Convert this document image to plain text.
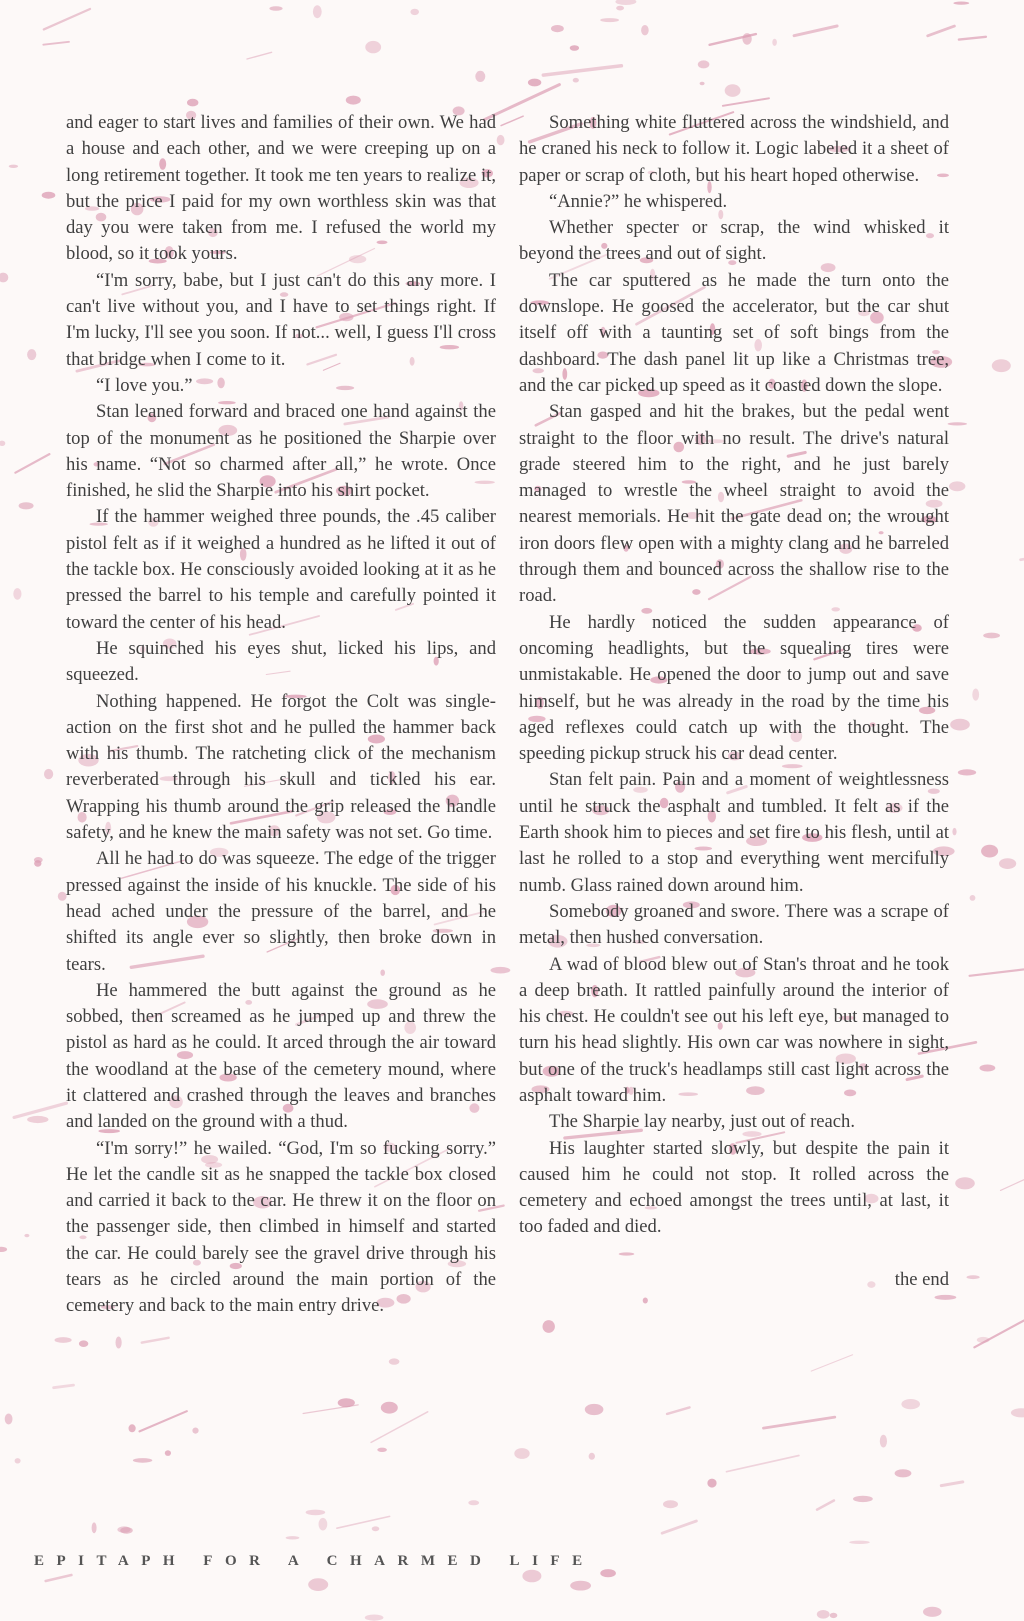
and eager to start lives and families of their own. We had a house and each other, and we were creeping up on a long retirement together. It took me ten years to realize it, but the price I paid for my own worthless skin was that day you were taken from me. I refused the world my blood, so it took yours.

“I'm sorry, babe, but I just can't do this any more. I can't live without you, and I have to set things right. If I'm lucky, I'll see you soon. If not... well, I guess I'll cross that bridge when I come to it.

“I love you.”

Stan leaned forward and braced one hand against the top of the monument as he positioned the Sharpie over his name. “Not so charmed after all,” he wrote. Once finished, he slid the Sharpie into his shirt pocket.

If the hammer weighed three pounds, the .45 caliber pistol felt as if it weighed a hundred as he lifted it out of the tackle box. He consciously avoided looking at it as he pressed the barrel to his temple and carefully pointed it toward the center of his head.

He squinched his eyes shut, licked his lips, and squeezed.

Nothing happened. He forgot the Colt was single-action on the first shot and he pulled the hammer back with his thumb. The ratcheting click of the mechanism reverberated through his skull and tickled his ear. Wrapping his thumb around the grip released the handle safety, and he knew the main safety was not set. Go time.

All he had to do was squeeze. The edge of the trigger pressed against the inside of his knuckle. The side of his head ached under the pressure of the barrel, and he shifted its angle ever so slightly, then broke down in tears.

He hammered the butt against the ground as he sobbed, then screamed as he jumped up and threw the pistol as hard as he could. It arced through the air toward the woodland at the base of the cemetery mound, where it clattered and crashed through the leaves and branches and landed on the ground with a thud.

“I'm sorry!” he wailed. “God, I'm so fucking sorry.” He let the candle sit as he snapped the tackle box closed and carried it back to the car. He threw it on the floor on the passenger side, then climbed in himself and started the car. He could barely see the gravel drive through his tears as he circled around the main portion of the cemetery and back to the main entry drive.

Something white fluttered across the windshield, and he craned his neck to follow it. Logic labeled it a sheet of paper or scrap of cloth, but his heart hoped otherwise.

“Annie?” he whispered.

Whether specter or scrap, the wind whisked it beyond the trees and out of sight.

The car sputtered as he made the turn onto the downslope. He goosed the accelerator, but the car shut itself off with a taunting set of soft bings from the dashboard. The dash panel lit up like a Christmas tree, and the car picked up speed as it coasted down the slope.

Stan gasped and hit the brakes, but the pedal went straight to the floor with no result. The drive's natural grade steered him to the right, and he just barely managed to wrestle the wheel straight to avoid the nearest memorials. He hit the gate dead on; the wrought iron doors flew open with a mighty clang and he barreled through them and bounced across the shallow rise to the road.

He hardly noticed the sudden appearance of oncoming headlights, but the squealing tires were unmistakable. He opened the door to jump out and save himself, but he was already in the road by the time his aged reflexes could catch up with the thought. The speeding pickup struck his car dead center.

Stan felt pain. Pain and a moment of weightlessness until he struck the asphalt and tumbled. It felt as if the Earth shook him to pieces and set fire to his flesh, until at last he rolled to a stop and everything went mercifully numb. Glass rained down around him.

Somebody groaned and swore. There was a scrape of metal, then hushed conversation.

A wad of blood blew out of Stan's throat and he took a deep breath. It rattled painfully around the interior of his chest. He couldn't see out his left eye, but managed to turn his head slightly. His own car was nowhere in sight, but one of the truck's headlamps still cast light across the asphalt toward him.

The Sharpie lay nearby, just out of reach.

His laughter started slowly, but despite the pain it caused him he could not stop. It rolled across the cemetery and echoed amongst the trees until, at last, it too faded and died.

the end

EPITAPH FOR A CHARMED LIFE
